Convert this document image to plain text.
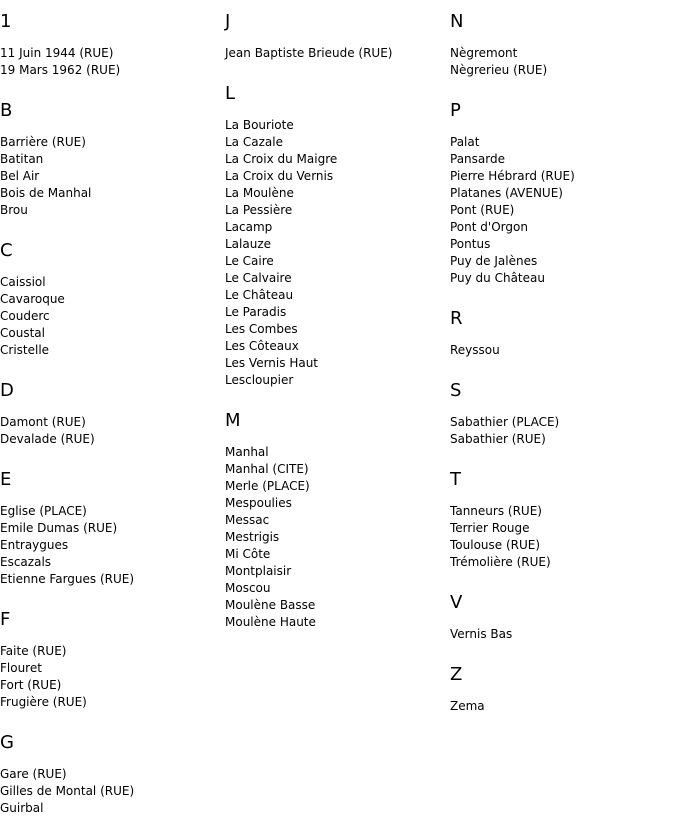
1
11 Juin 1944 (RUE)
19 Mars 1962 (RUE)
B
Barrière (RUE)
Batitan
Bel Air
Bois de Manhal
Brou
C
Caissiol
Cavaroque
Couderc
Coustal
Cristelle
D
Damont (RUE)
Devalade (RUE)
E
Eglise (PLACE)
Emile Dumas (RUE)
Entraygues
Escazals
Etienne Fargues (RUE)
F
Faite (RUE)
Flouret
Fort (RUE)
Frugière (RUE)
G
Gare (RUE)
Gilles de Montal (RUE)
Guirbal
J
Jean Baptiste Brieude (RUE)
L
La Bouriote
La Cazale
La Croix du Maigre
La Croix du Vernis
La Moulène
La Pessière
Lacamp
Lalauze
Le Caire
Le Calvaire
Le Château
Le Paradis
Les Combes
Les Côteaux
Les Vernis Haut
Lescloupier
M
Manhal
Manhal (CITE)
Merle (PLACE)
Mespoulies
Messac
Mestrigis
Mi Côte
Montplaisir
Moscou
Moulène Basse
Moulène Haute
N
Nègremont
Nègrerieu (RUE)
P
Palat
Pansarde
Pierre Hébrard (RUE)
Platanes (AVENUE)
Pont (RUE)
Pont d'Orgon
Pontus
Puy de Jalènes
Puy du Château
R
Reyssou
S
Sabathier (PLACE)
Sabathier (RUE)
T
Tanneurs (RUE)
Terrier Rouge
Toulouse (RUE)
Trémolière (RUE)
V
Vernis Bas
Z
Zema
